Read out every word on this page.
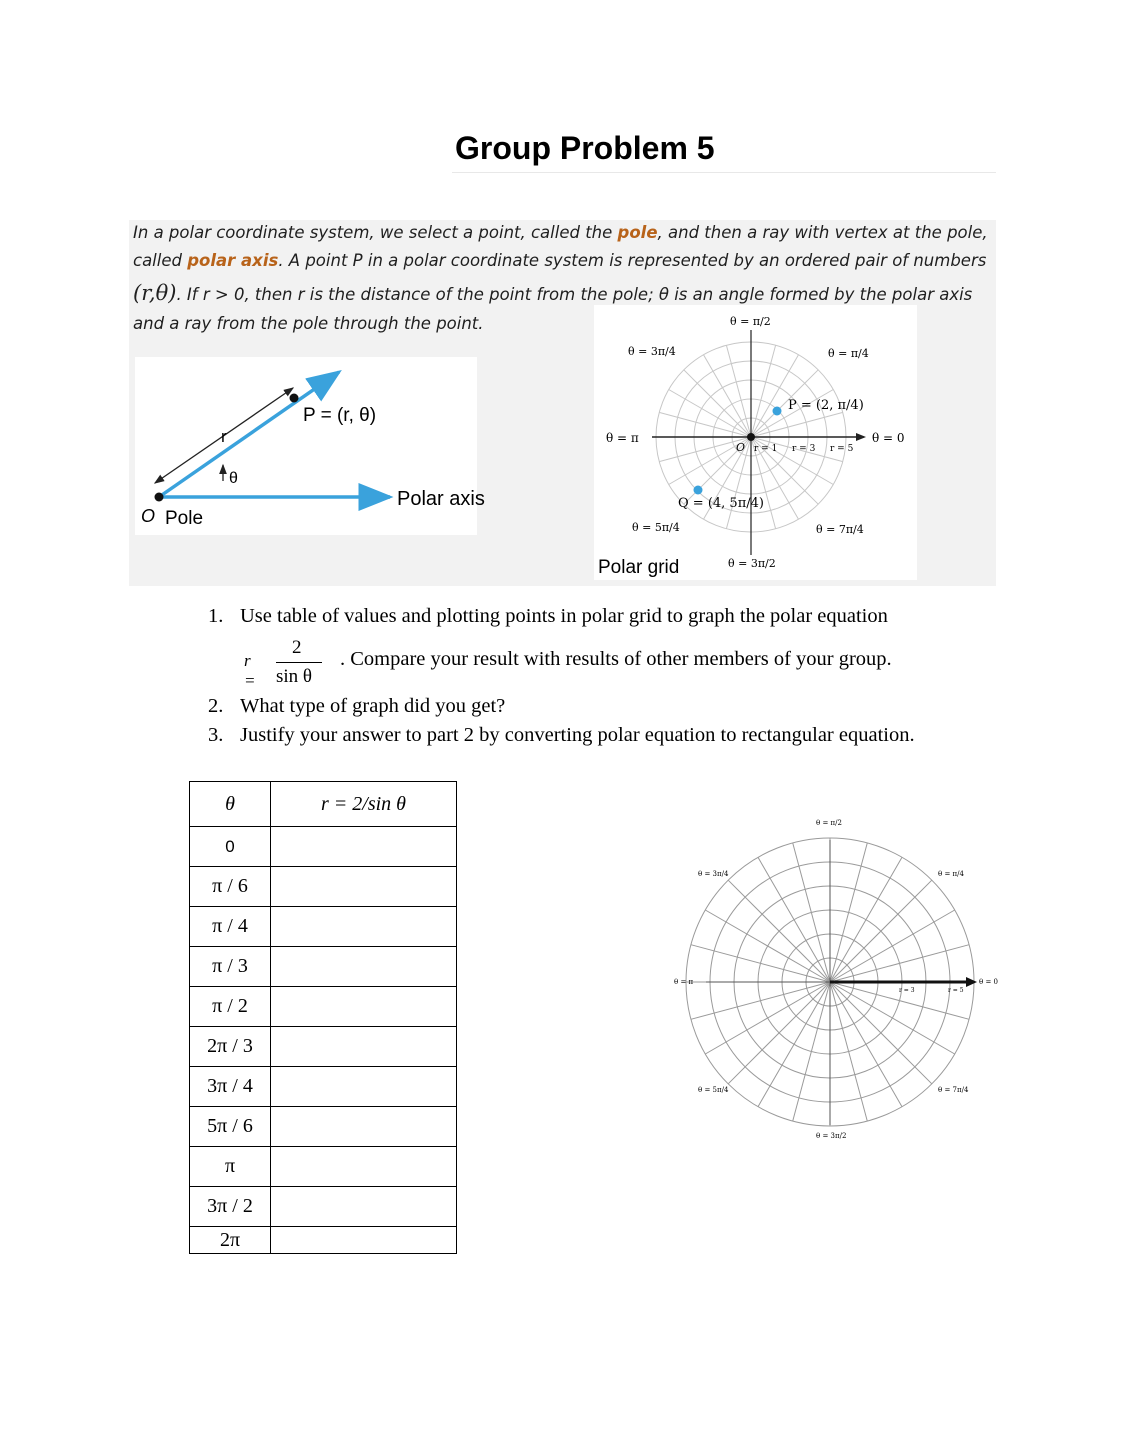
Group Problem 5
In a polar coordinate system, we select a point, called the pole, and then a ray with vertex at the pole,
called polar axis. A point P in a polar coordinate system is represented by an ordered pair of numbers
(r,θ). If r > 0, then r is the distance of the point from the pole; θ is an angle formed by the polar axis
and a ray from the pole through the point.
P = (r, θ)
r
θ
O Pole
Polar axis
θ = π/2
θ = 3π/4	θ = π/4
P = (2, π/4)
θ = π	θ = 0
O r = 1 r = 3 r = 5
Q = (4, 5π/4)
θ = 5π/4	θ = 7π/4
θ = 3π/2
Polar grid
1. Use table of values and plotting points in polar grid to graph the polar equation
r =
2
sin θ
. Compare your result with results of other members of your group.
2. What type of graph did you get?
3. Justify your answer to part 2 by converting polar equation to rectangular equation.
θ	r = 2/sin θ
0	
π / 6	
π / 4	
π / 3	
π / 2	
2π / 3	
3π / 4	
5π / 6	
π	
3π / 2	
2π	
θ = π/2
θ = 3π/4	θ = π/4
θ = π	θ = 0
r = 3	r = 5
θ = 5π/4	θ = 7π/4
θ = 3π/2
